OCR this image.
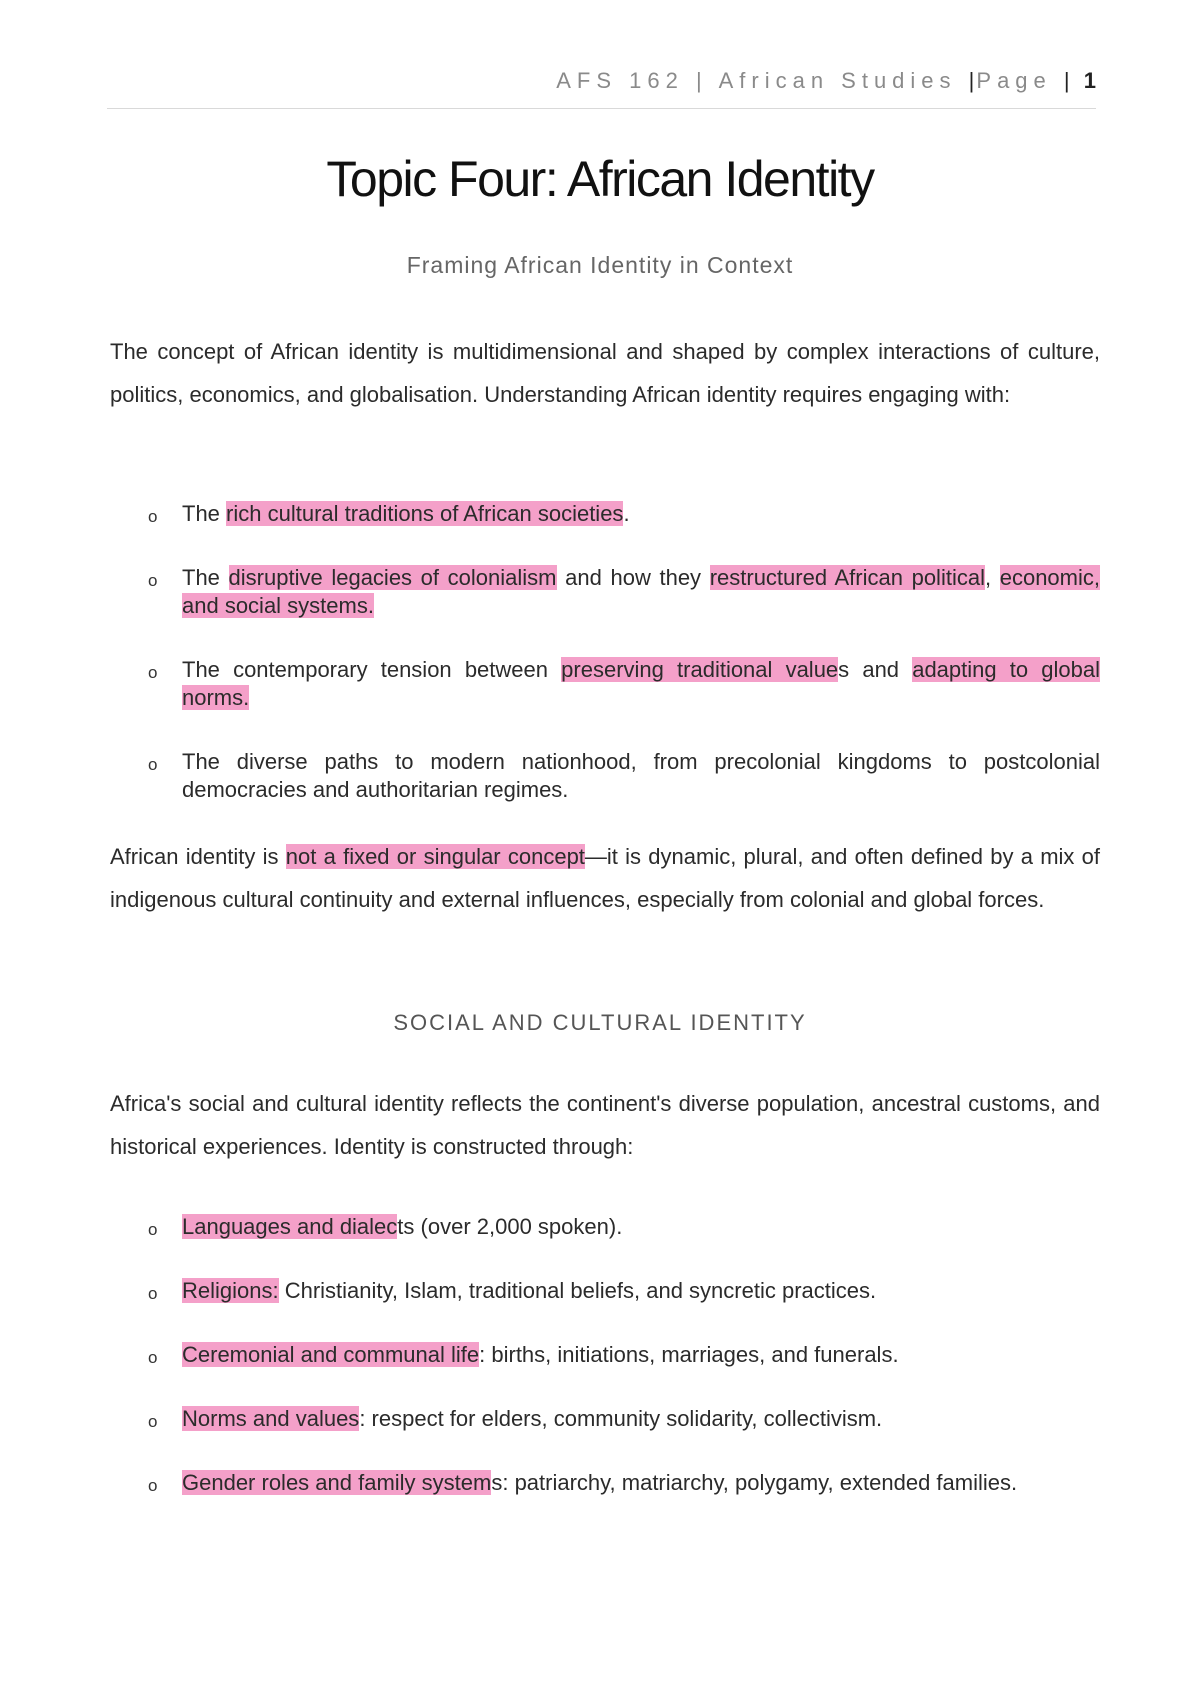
AFS 162 | African Studies |Page | 1
Topic Four: African Identity
Framing African Identity in Context

The concept of African identity is multidimensional and shaped by complex interactions of culture, politics, economics, and globalisation. Understanding African identity requires engaging with:

o The rich cultural traditions of African societies.
o The disruptive legacies of colonialism and how they restructured African political, economic, and social systems.
o The contemporary tension between preserving traditional values and adapting to global norms.
o The diverse paths to modern nationhood, from precolonial kingdoms to postcolonial democracies and authoritarian regimes.

African identity is not a fixed or singular concept—it is dynamic, plural, and often defined by a mix of indigenous cultural continuity and external influences, especially from colonial and global forces.

SOCIAL AND CULTURAL IDENTITY

Africa's social and cultural identity reflects the continent's diverse population, ancestral customs, and historical experiences. Identity is constructed through:

o Languages and dialects (over 2,000 spoken).
o Religions: Christianity, Islam, traditional beliefs, and syncretic practices.
o Ceremonial and communal life: births, initiations, marriages, and funerals.
o Norms and values: respect for elders, community solidarity, collectivism.
o Gender roles and family systems: patriarchy, matriarchy, polygamy, extended families.
